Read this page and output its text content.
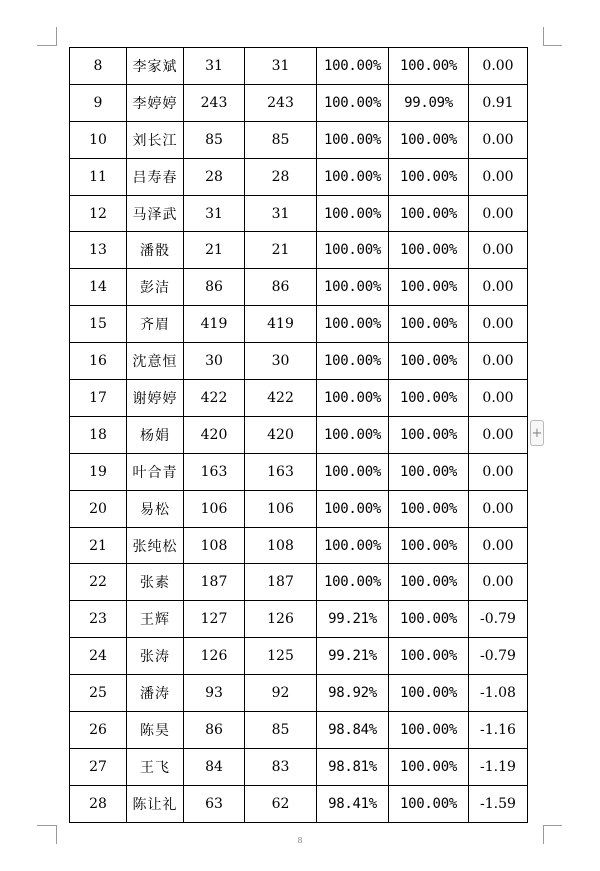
8	李家斌	31	31	100.00%	100.00%	0.00
9	李婷婷	243	243	100.00%	99.09%	0.91
10	刘长江	85	85	100.00%	100.00%	0.00
11	吕寿春	28	28	100.00%	100.00%	0.00
12	马泽武	31	31	100.00%	100.00%	0.00
13	潘骰	21	21	100.00%	100.00%	0.00
14	彭洁	86	86	100.00%	100.00%	0.00
15	齐眉	419	419	100.00%	100.00%	0.00
16	沈意恒	30	30	100.00%	100.00%	0.00
17	谢婷婷	422	422	100.00%	100.00%	0.00
18	杨娟	420	420	100.00%	100.00%	0.00
19	叶合青	163	163	100.00%	100.00%	0.00
20	易松	106	106	100.00%	100.00%	0.00
21	张纯松	108	108	100.00%	100.00%	0.00
22	张素	187	187	100.00%	100.00%	0.00
23	王辉	127	126	99.21%	100.00%	-0.79
24	张涛	126	125	99.21%	100.00%	-0.79
25	潘涛	93	92	98.92%	100.00%	-1.08
26	陈昊	86	85	98.84%	100.00%	-1.16
27	王飞	84	83	98.81%	100.00%	-1.19
28	陈让礼	63	62	98.41%	100.00%	-1.59
+
8
